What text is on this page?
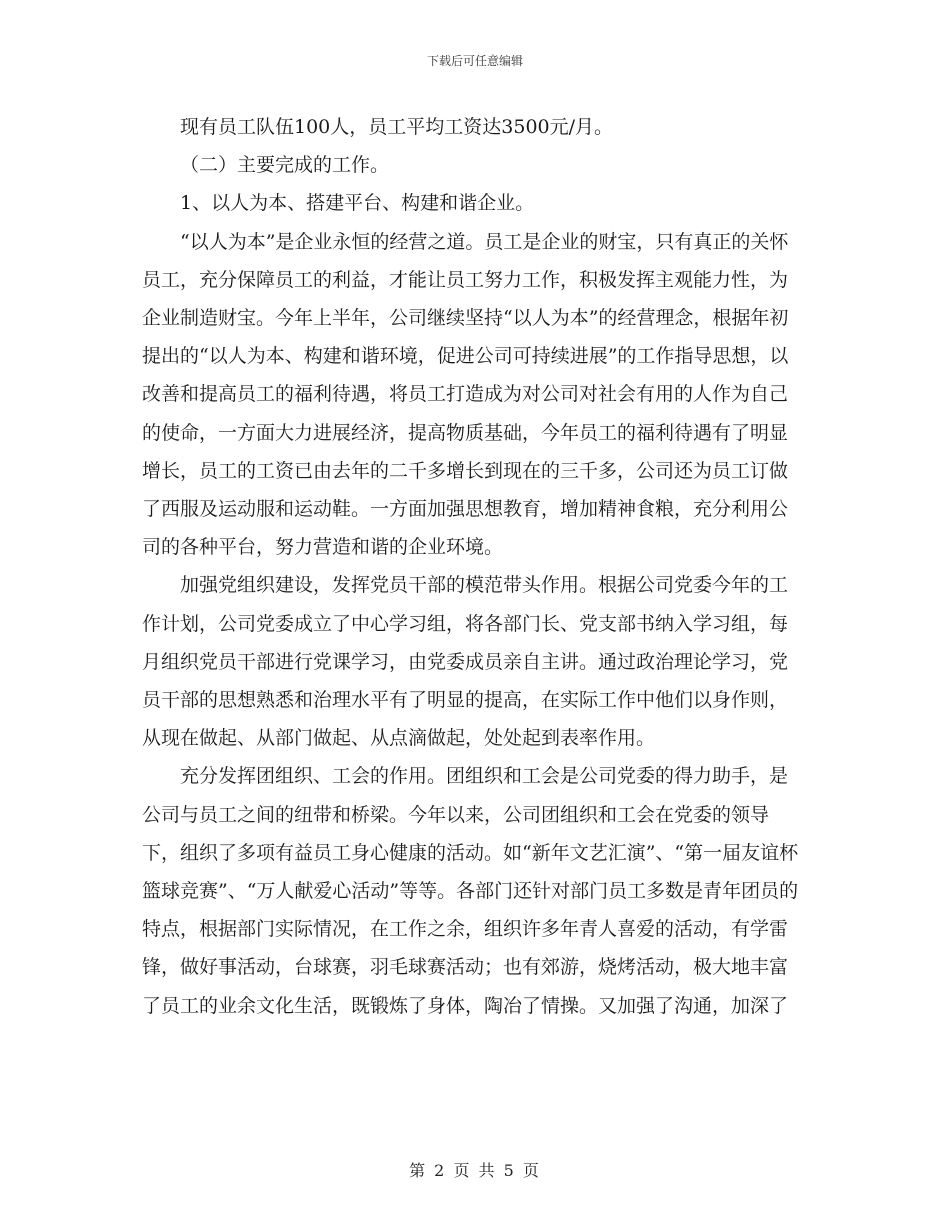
下载后可任意编辑

现有员工队伍100人，员工平均工资达3500元/月。

（二）主要完成的工作。

1、以人为本、搭建平台、构建和谐企业。

“以人为本”是企业永恒的经营之道。员工是企业的财宝，只有真正的关怀员工，充分保障员工的利益，才能让员工努力工作，积极发挥主观能力性，为企业制造财宝。今年上半年，公司继续坚持“以人为本”的经营理念，根据年初提出的“以人为本、构建和谐环境，促进公司可持续进展”的工作指导思想，以改善和提高员工的福利待遇，将员工打造成为对公司对社会有用的人作为自己的使命，一方面大力进展经济，提高物质基础，今年员工的福利待遇有了明显增长，员工的工资已由去年的二千多增长到现在的三千多，公司还为员工订做了西服及运动服和运动鞋。一方面加强思想教育，增加精神食粮，充分利用公司的各种平台，努力营造和谐的企业环境。

加强党组织建设，发挥党员干部的模范带头作用。根据公司党委今年的工作计划，公司党委成立了中心学习组，将各部门长、党支部书纳入学习组，每月组织党员干部进行党课学习，由党委成员亲自主讲。通过政治理论学习，党员干部的思想熟悉和治理水平有了明显的提高，在实际工作中他们以身作则，从现在做起、从部门做起、从点滴做起，处处起到表率作用。

充分发挥团组织、工会的作用。团组织和工会是公司党委的得力助手，是公司与员工之间的纽带和桥梁。今年以来，公司团组织和工会在党委的领导下，组织了多项有益员工身心健康的活动。如“新年文艺汇演”、“第一届友谊杯篮球竞赛”、“万人献爱心活动”等等。各部门还针对部门员工多数是青年团员的特点，根据部门实际情况，在工作之余，组织许多年青人喜爱的活动，有学雷锋，做好事活动，台球赛，羽毛球赛活动；也有郊游，烧烤活动，极大地丰富了员工的业余文化生活，既锻炼了身体，陶冶了情操。又加强了沟通，加深了

第 2 页 共 5 页
